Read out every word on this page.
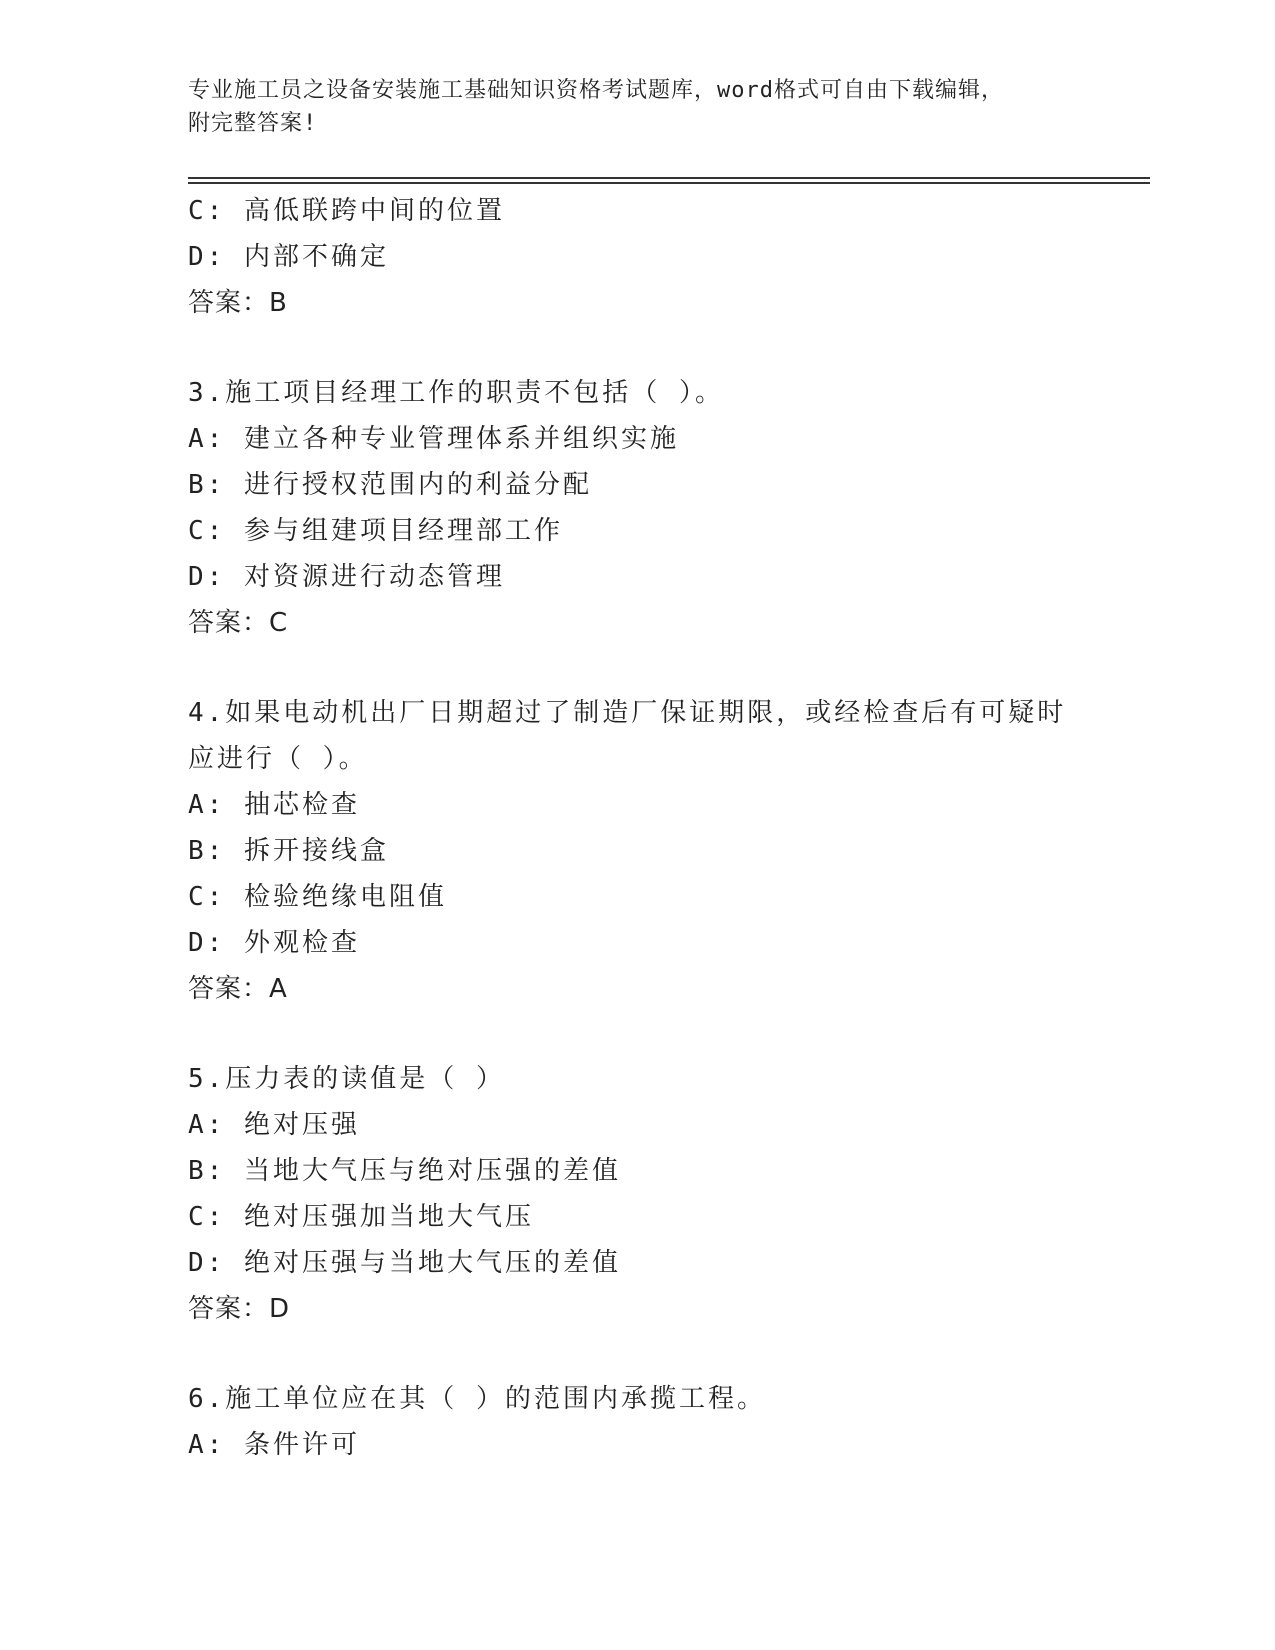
专业施工员之设备安装施工基础知识资格考试题库，word格式可自由下载编辑，
附完整答案!
C: 高低联跨中间的位置
D: 内部不确定
答案：B
3.施工项目经理工作的职责不包括（ ）。
A: 建立各种专业管理体系并组织实施
B: 进行授权范围内的利益分配
C: 参与组建项目经理部工作
D: 对资源进行动态管理
答案：C
4.如果电动机出厂日期超过了制造厂保证期限，或经检查后有可疑时
应进行（ ）。
A: 抽芯检查
B: 拆开接线盒
C: 检验绝缘电阻值
D: 外观检查
答案：A
5.压力表的读值是（ ）
A: 绝对压强
B: 当地大气压与绝对压强的差值
C: 绝对压强加当地大气压
D: 绝对压强与当地大气压的差值
答案：D
6.施工单位应在其（ ）的范围内承揽工程。
A: 条件许可
